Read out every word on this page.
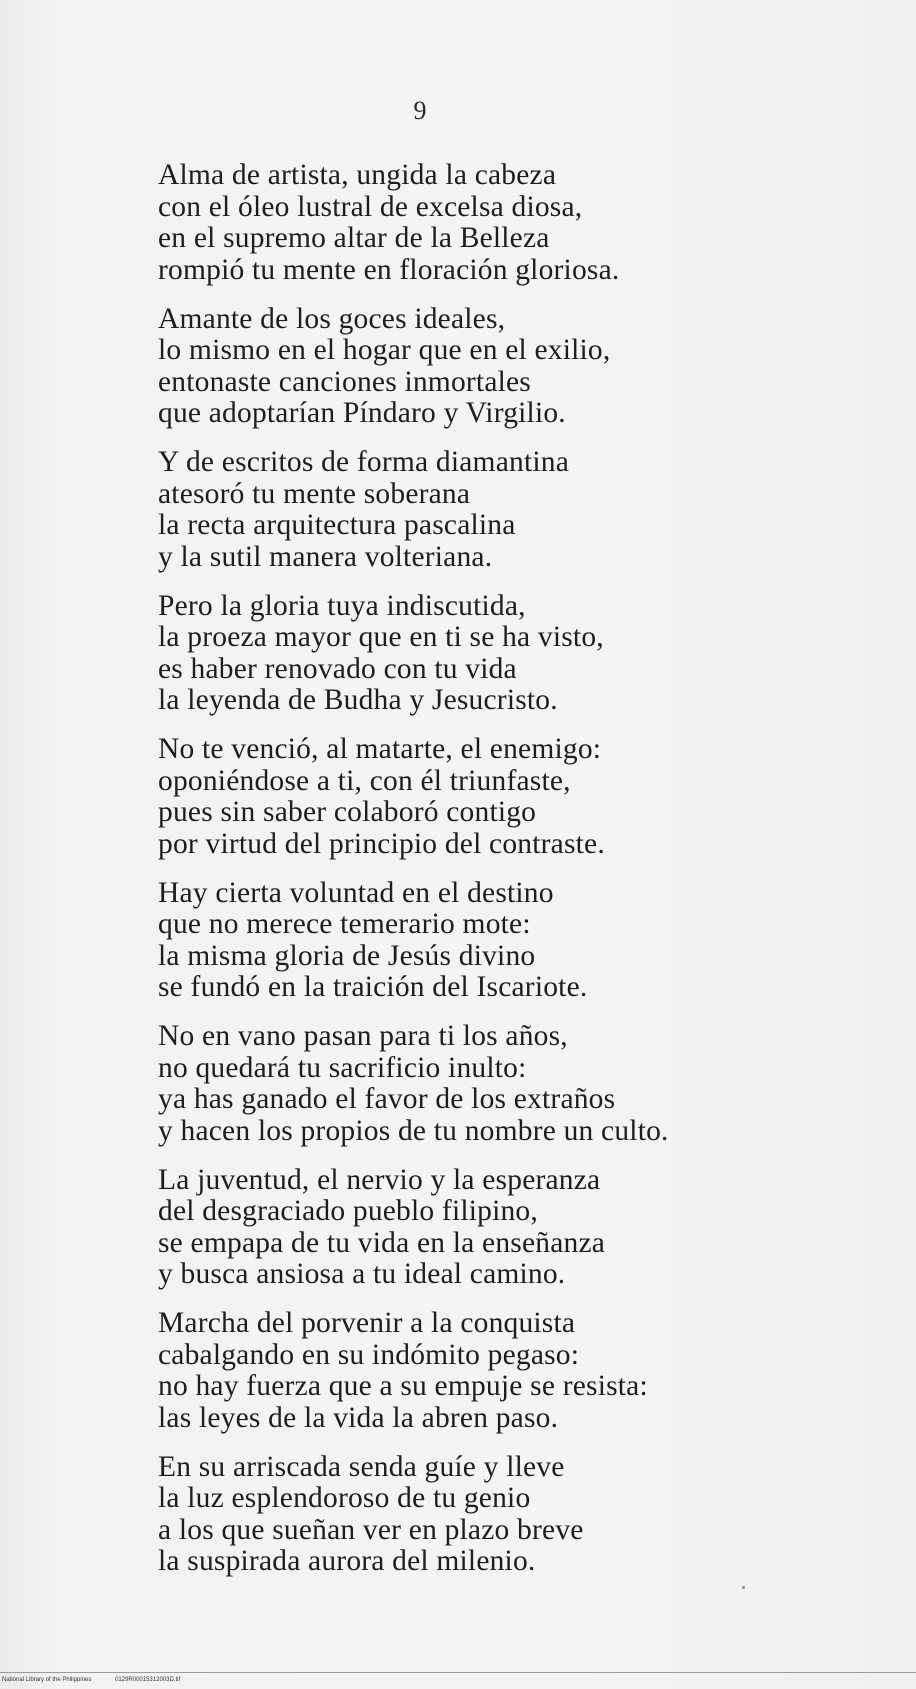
9
Alma de artista, ungida la cabeza
con el óleo lustral de excelsa diosa,
en el supremo altar de la Belleza
rompió tu mente en floración gloriosa.
Amante de los goces ideales,
lo mismo en el hogar que en el exilio,
entonaste canciones inmortales
que adoptarían Píndaro y Virgilio.
Y de escritos de forma diamantina
atesoró tu mente soberana
la recta arquitectura pascalina
y la sutil manera volteriana.
Pero la gloria tuya indiscutida,
la proeza mayor que en ti se ha visto,
es haber renovado con tu vida
la leyenda de Budha y Jesucristo.
No te venció, al matarte, el enemigo:
oponiéndose a ti, con él triunfaste,
pues sin saber colaboró contigo
por virtud del principio del contraste.
Hay cierta voluntad en el destino
que no merece temerario mote:
la misma gloria de Jesús divino
se fundó en la traición del Iscariote.
No en vano pasan para ti los años,
no quedará tu sacrificio inulto:
ya has ganado el favor de los extraños
y hacen los propios de tu nombre un culto.
La juventud, el nervio y la esperanza
del desgraciado pueblo filipino,
se empapa de tu vida en la enseñanza
y busca ansiosa a tu ideal camino.
Marcha del porvenir a la conquista
cabalgando en su indómito pegaso:
no hay fuerza que a su empuje se resista:
las leyes de la vida la abren paso.
En su arriscada senda guíe y lleve
la luz esplendoroso de tu genio
a los que sueñan ver en plazo breve
la suspirada aurora del milenio.
National Library of the Philippines	0129R00015312003D.tif
